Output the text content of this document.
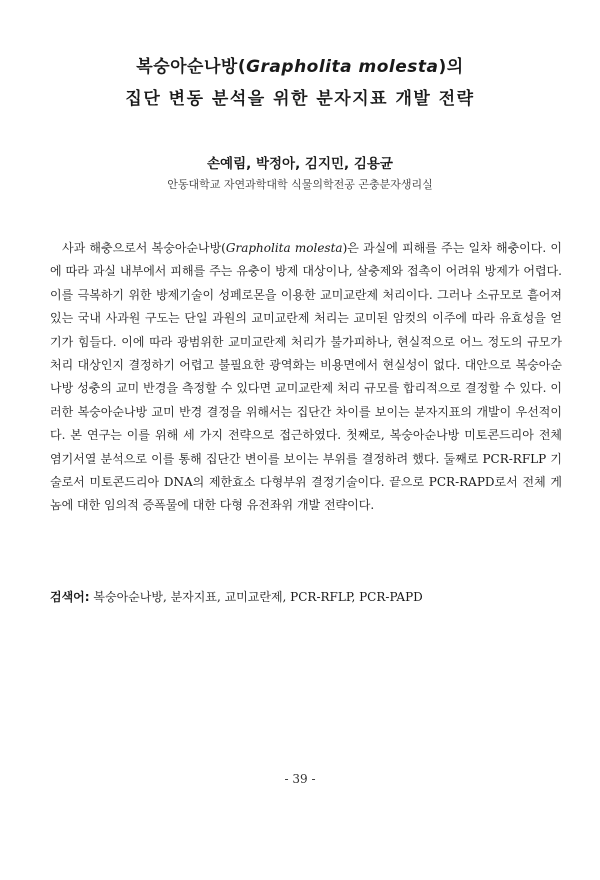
복숭아순나방(Grapholita molesta)의
집단 변동 분석을 위한 분자지표 개발 전략
손예림, 박정아, 김지민, 김용균
안동대학교 자연과학대학 식물의학전공 곤충분자생리실

사과 해충으로서 복숭아순나방(Grapholita molesta)은 과실에 피해를 주는 일차 해충이다. 이에 따라 과실 내부에서 피해를 주는 유충이 방제 대상이나, 살충제와 접촉이 어려워 방제가 어렵다. 이를 극복하기 위한 방제기술이 성페로몬을 이용한 교미교란제 처리이다. 그러나 소규모로 흩어져 있는 국내 사과원 구도는 단일 과원의 교미교란제 처리는 교미된 암컷의 이주에 따라 유효성을 얻기가 힘들다. 이에 따라 광범위한 교미교란제 처리가 불가피하나, 현실적으로 어느 정도의 규모가 처리 대상인지 결정하기 어렵고 불필요한 광역화는 비용면에서 현실성이 없다. 대안으로 복숭아순나방 성충의 교미 반경을 측정할 수 있다면 교미교란제 처리 규모를 합리적으로 결정할 수 있다. 이러한 복숭아순나방 교미 반경 결정을 위해서는 집단간 차이를 보이는 분자지표의 개발이 우선적이다. 본 연구는 이를 위해 세 가지 전략으로 접근하였다. 첫째로, 복숭아순나방 미토콘드리아 전체 염기서열 분석으로 이를 통해 집단간 변이를 보이는 부위를 결정하려 했다. 둘째로 PCR-RFLP 기술로서 미토콘드리아 DNA의 제한효소 다형부위 결정기술이다. 끝으로 PCR-RAPD로서 전체 게놈에 대한 임의적 증폭물에 대한 다형 유전좌위 개발 전략이다.

검색어: 복숭아순나방, 분자지표, 교미교란제, PCR-RFLP, PCR-PAPD
- 39 -
